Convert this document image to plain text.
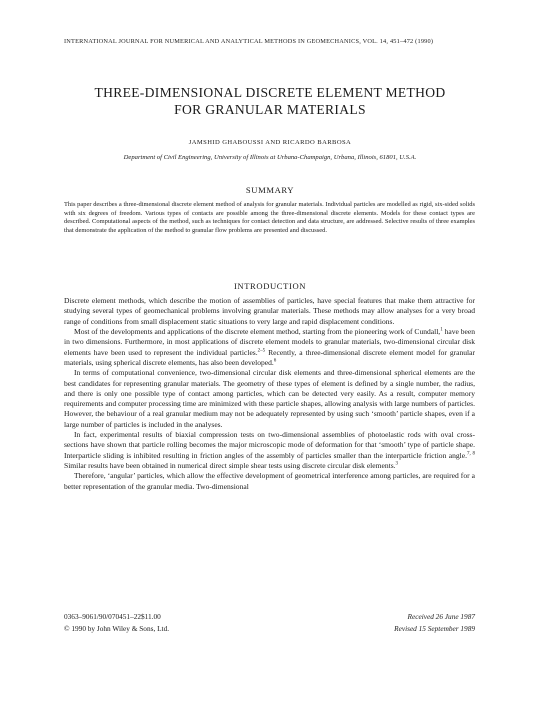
INTERNATIONAL JOURNAL FOR NUMERICAL AND ANALYTICAL METHODS IN GEOMECHANICS, VOL. 14, 451–472 (1990)
THREE-DIMENSIONAL DISCRETE ELEMENT METHOD
FOR GRANULAR MATERIALS
JAMSHID GHABOUSSI AND RICARDO BARBOSA
Department of Civil Engineering, University of Illinois at Urbana-Champaign, Urbana, Illinois, 61801, U.S.A.
SUMMARY
This paper describes a three-dimensional discrete element method of analysis for granular materials. Individual particles are modelled as rigid, six-sided solids with six degrees of freedom. Various types of contacts are possible among the three-dimensional discrete elements. Models for these contact types are described. Computational aspects of the method, such as techniques for contact detection and data structure, are addressed. Selective results of three examples that demonstrate the application of the method to granular flow problems are presented and discussed.
INTRODUCTION

Discrete element methods, which describe the motion of assemblies of particles, have special features that make them attractive for studying several types of geomechanical problems involving granular materials. These methods may allow analyses for a very broad range of conditions from small displacement static situations to very large and rapid displacement conditions.

Most of the developments and applications of the discrete element method, starting from the pioneering work of Cundall,$^1$ have been in two dimensions. Furthermore, in most applications of discrete element models to granular materials, two-dimensional circular disk elements have been used to represent the individual particles.$^{2-5}$ Recently, a three-dimensional discrete element model for granular materials, using spherical discrete elements, has also been developed.$^6$

In terms of computational convenience, two-dimensional circular disk elements and three-dimensional spherical elements are the best candidates for representing granular materials. The geometry of these types of element is defined by a single number, the radius, and there is only one possible type of contact among particles, which can be detected very easily. As a result, computer memory requirements and computer processing time are minimized with these particle shapes, allowing analysis with large numbers of particles. However, the behaviour of a real granular medium may not be adequately represented by using such ‘smooth’ particle shapes, even if a large number of particles is included in the analyses.

In fact, experimental results of biaxial compression tests on two-dimensional assemblies of photoelastic rods with oval cross-sections have shown that particle rolling becomes the major microscopic mode of deformation for that ‘smooth’ type of particle shape. Interparticle sliding is inhibited resulting in friction angles of the assembly of particles smaller than the interparticle friction angle.$^{7, 8}$ Similar results have been obtained in numerical direct simple shear tests using discrete circular disk elements.$^3$

Therefore, ‘angular’ particles, which allow the effective development of geometrical interference among particles, are required for a better representation of the granular media. Two-dimensional

0363–9061/90/070451–22$11.00
© 1990 by John Wiley & Sons, Ltd.
Received 26 June 1987
Revised 15 September 1989
